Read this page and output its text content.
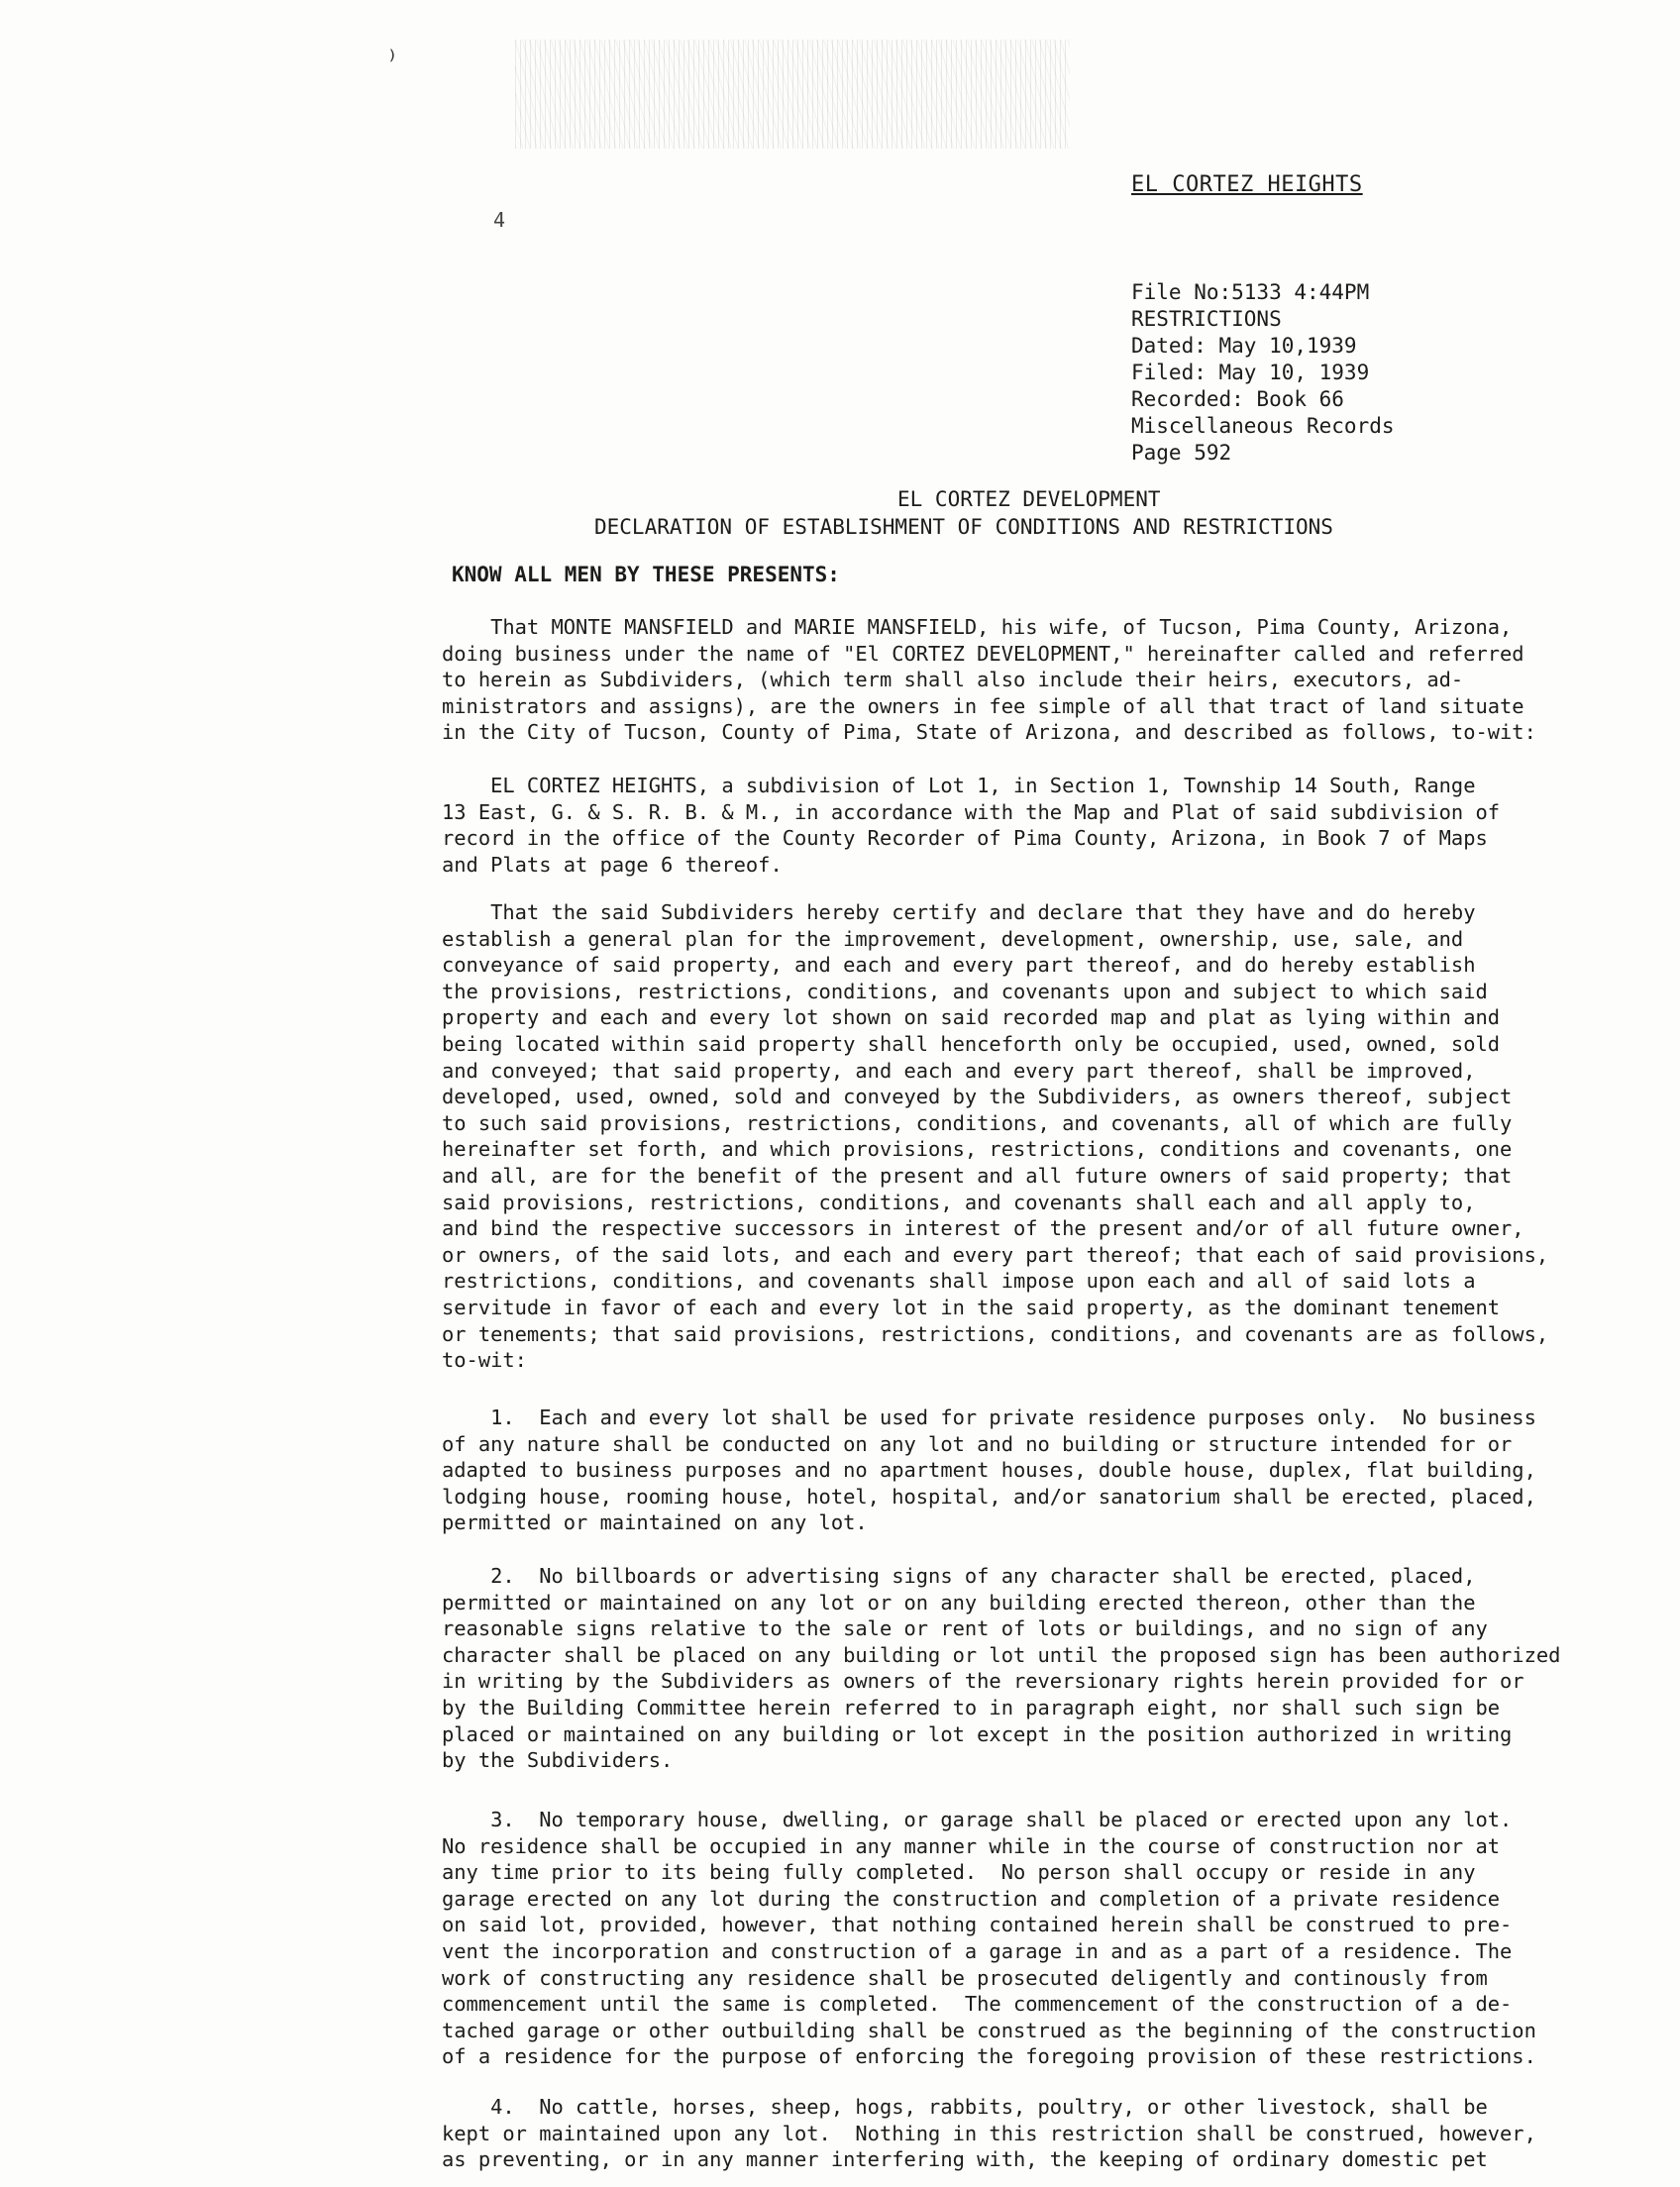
⁾
4
EL CORTEZ HEIGHTS
File No:5133 4:44PM
RESTRICTIONS
Dated: May 10,1939
Filed: May 10, 1939
Recorded: Book 66
Miscellaneous Records
Page 592
EL CORTEZ DEVELOPMENT
DECLARATION OF ESTABLISHMENT OF CONDITIONS AND RESTRICTIONS
KNOW ALL MEN BY THESE PRESENTS:

That MONTE MANSFIELD and MARIE MANSFIELD, his wife, of Tucson, Pima County, Arizona,
doing business under the name of "El CORTEZ DEVELOPMENT," hereinafter called and referred
to herein as Subdividers, (which term shall also include their heirs, executors, ad-
ministrators and assigns), are the owners in fee simple of all that tract of land situate
in the City of Tucson, County of Pima, State of Arizona, and described as follows, to-wit:

EL CORTEZ HEIGHTS, a subdivision of Lot 1, in Section 1, Township 14 South, Range
13 East, G. & S. R. B. & M., in accordance with the Map and Plat of said subdivision of
record in the office of the County Recorder of Pima County, Arizona, in Book 7 of Maps
and Plats at page 6 thereof.

That the said Subdividers hereby certify and declare that they have and do hereby
establish a general plan for the improvement, development, ownership, use, sale, and
conveyance of said property, and each and every part thereof, and do hereby establish
the provisions, restrictions, conditions, and covenants upon and subject to which said
property and each and every lot shown on said recorded map and plat as lying within and
being located within said property shall henceforth only be occupied, used, owned, sold
and conveyed; that said property, and each and every part thereof, shall be improved,
developed, used, owned, sold and conveyed by the Subdividers, as owners thereof, subject
to such said provisions, restrictions, conditions, and covenants, all of which are fully
hereinafter set forth, and which provisions, restrictions, conditions and covenants, one
and all, are for the benefit of the present and all future owners of said property; that
said provisions, restrictions, conditions, and covenants shall each and all apply to,
and bind the respective successors in interest of the present and/or of all future owner,
or owners, of the said lots, and each and every part thereof; that each of said provisions,
restrictions, conditions, and covenants shall impose upon each and all of said lots a
servitude in favor of each and every lot in the said property, as the dominant tenement
or tenements; that said provisions, restrictions, conditions, and covenants are as follows,
to-wit:

1.  Each and every lot shall be used for private residence purposes only.  No business
of any nature shall be conducted on any lot and no building or structure intended for or
adapted to business purposes and no apartment houses, double house, duplex, flat building,
lodging house, rooming house, hotel, hospital, and/or sanatorium shall be erected, placed,
permitted or maintained on any lot.

2.  No billboards or advertising signs of any character shall be erected, placed,
permitted or maintained on any lot or on any building erected thereon, other than the
reasonable signs relative to the sale or rent of lots or buildings, and no sign of any
character shall be placed on any building or lot until the proposed sign has been authorized
in writing by the Subdividers as owners of the reversionary rights herein provided for or
by the Building Committee herein referred to in paragraph eight, nor shall such sign be
placed or maintained on any building or lot except in the position authorized in writing
by the Subdividers.

3.  No temporary house, dwelling, or garage shall be placed or erected upon any lot.
No residence shall be occupied in any manner while in the course of construction nor at
any time prior to its being fully completed.  No person shall occupy or reside in any
garage erected on any lot during the construction and completion of a private residence
on said lot, provided, however, that nothing contained herein shall be construed to pre-
vent the incorporation and construction of a garage in and as a part of a residence. The
work of constructing any residence shall be prosecuted deligently and continously from
commencement until the same is completed.  The commencement of the construction of a de-
tached garage or other outbuilding shall be construed as the beginning of the construction
of a residence for the purpose of enforcing the foregoing provision of these restrictions.

4.  No cattle, horses, sheep, hogs, rabbits, poultry, or other livestock, shall be
kept or maintained upon any lot.  Nothing in this restriction shall be construed, however,
as preventing, or in any manner interfering with, the keeping of ordinary domestic pet
